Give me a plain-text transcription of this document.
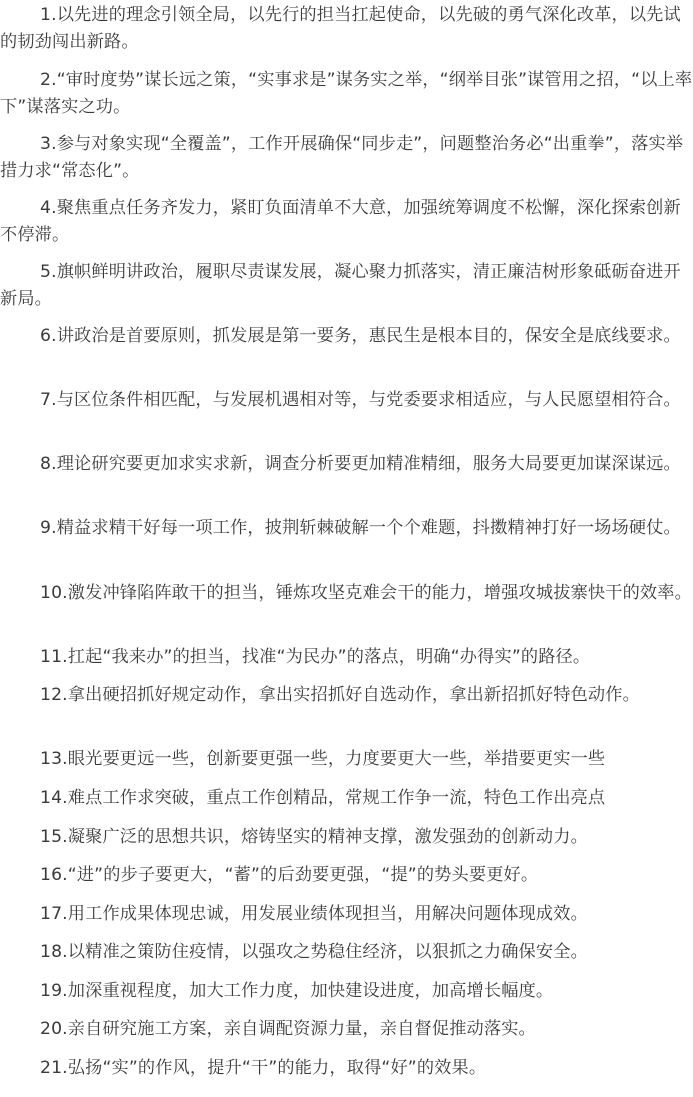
1.以先进的理念引领全局，以先行的担当扛起使命，以先破的勇气深化改革，以先试的韧劲闯出新路。

2.“审时度势”谋长远之策，“实事求是”谋务实之举，“纲举目张”谋管用之招，“以上率下”谋落实之功。

3.参与对象实现“全覆盖”，工作开展确保“同步走”，问题整治务必“出重拳”，落实举措力求“常态化”。

4.聚焦重点任务齐发力，紧盯负面清单不大意，加强统筹调度不松懈，深化探索创新不停滞。

5.旗帜鲜明讲政治，履职尽责谋发展，凝心聚力抓落实，清正廉洁树形象砥砺奋进开新局。

6.讲政治是首要原则，抓发展是第一要务，惠民生是根本目的，保安全是底线要求。

7.与区位条件相匹配，与发展机遇相对等，与党委要求相适应，与人民愿望相符合。

8.理论研究要更加求实求新，调查分析要更加精准精细，服务大局要更加谋深谋远。

9.精益求精干好每一项工作，披荆斩棘破解一个个难题，抖擞精神打好一场场硬仗。

10.激发冲锋陷阵敢干的担当，锤炼攻坚克难会干的能力，增强攻城拔寨快干的效率。

11.扛起“我来办”的担当，找准“为民办”的落点，明确“办得实”的路径。

12.拿出硬招抓好规定动作，拿出实招抓好自选动作，拿出新招抓好特色动作。

13.眼光要更远一些，创新要更强一些，力度要更大一些，举措要更实一些

14.难点工作求突破，重点工作创精品，常规工作争一流，特色工作出亮点

15.凝聚广泛的思想共识，熔铸坚实的精神支撑，激发强劲的创新动力。

16.“进”的步子要更大，“蓄”的后劲要更强，“提”的势头要更好。

17.用工作成果体现忠诚，用发展业绩体现担当，用解决问题体现成效。

18.以精准之策防住疫情，以强攻之势稳住经济，以狠抓之力确保安全。

19.加深重视程度，加大工作力度，加快建设进度，加高增长幅度。

20.亲自研究施工方案，亲自调配资源力量，亲自督促推动落实。

21.弘扬“实”的作风，提升“干”的能力，取得“好”的效果。
